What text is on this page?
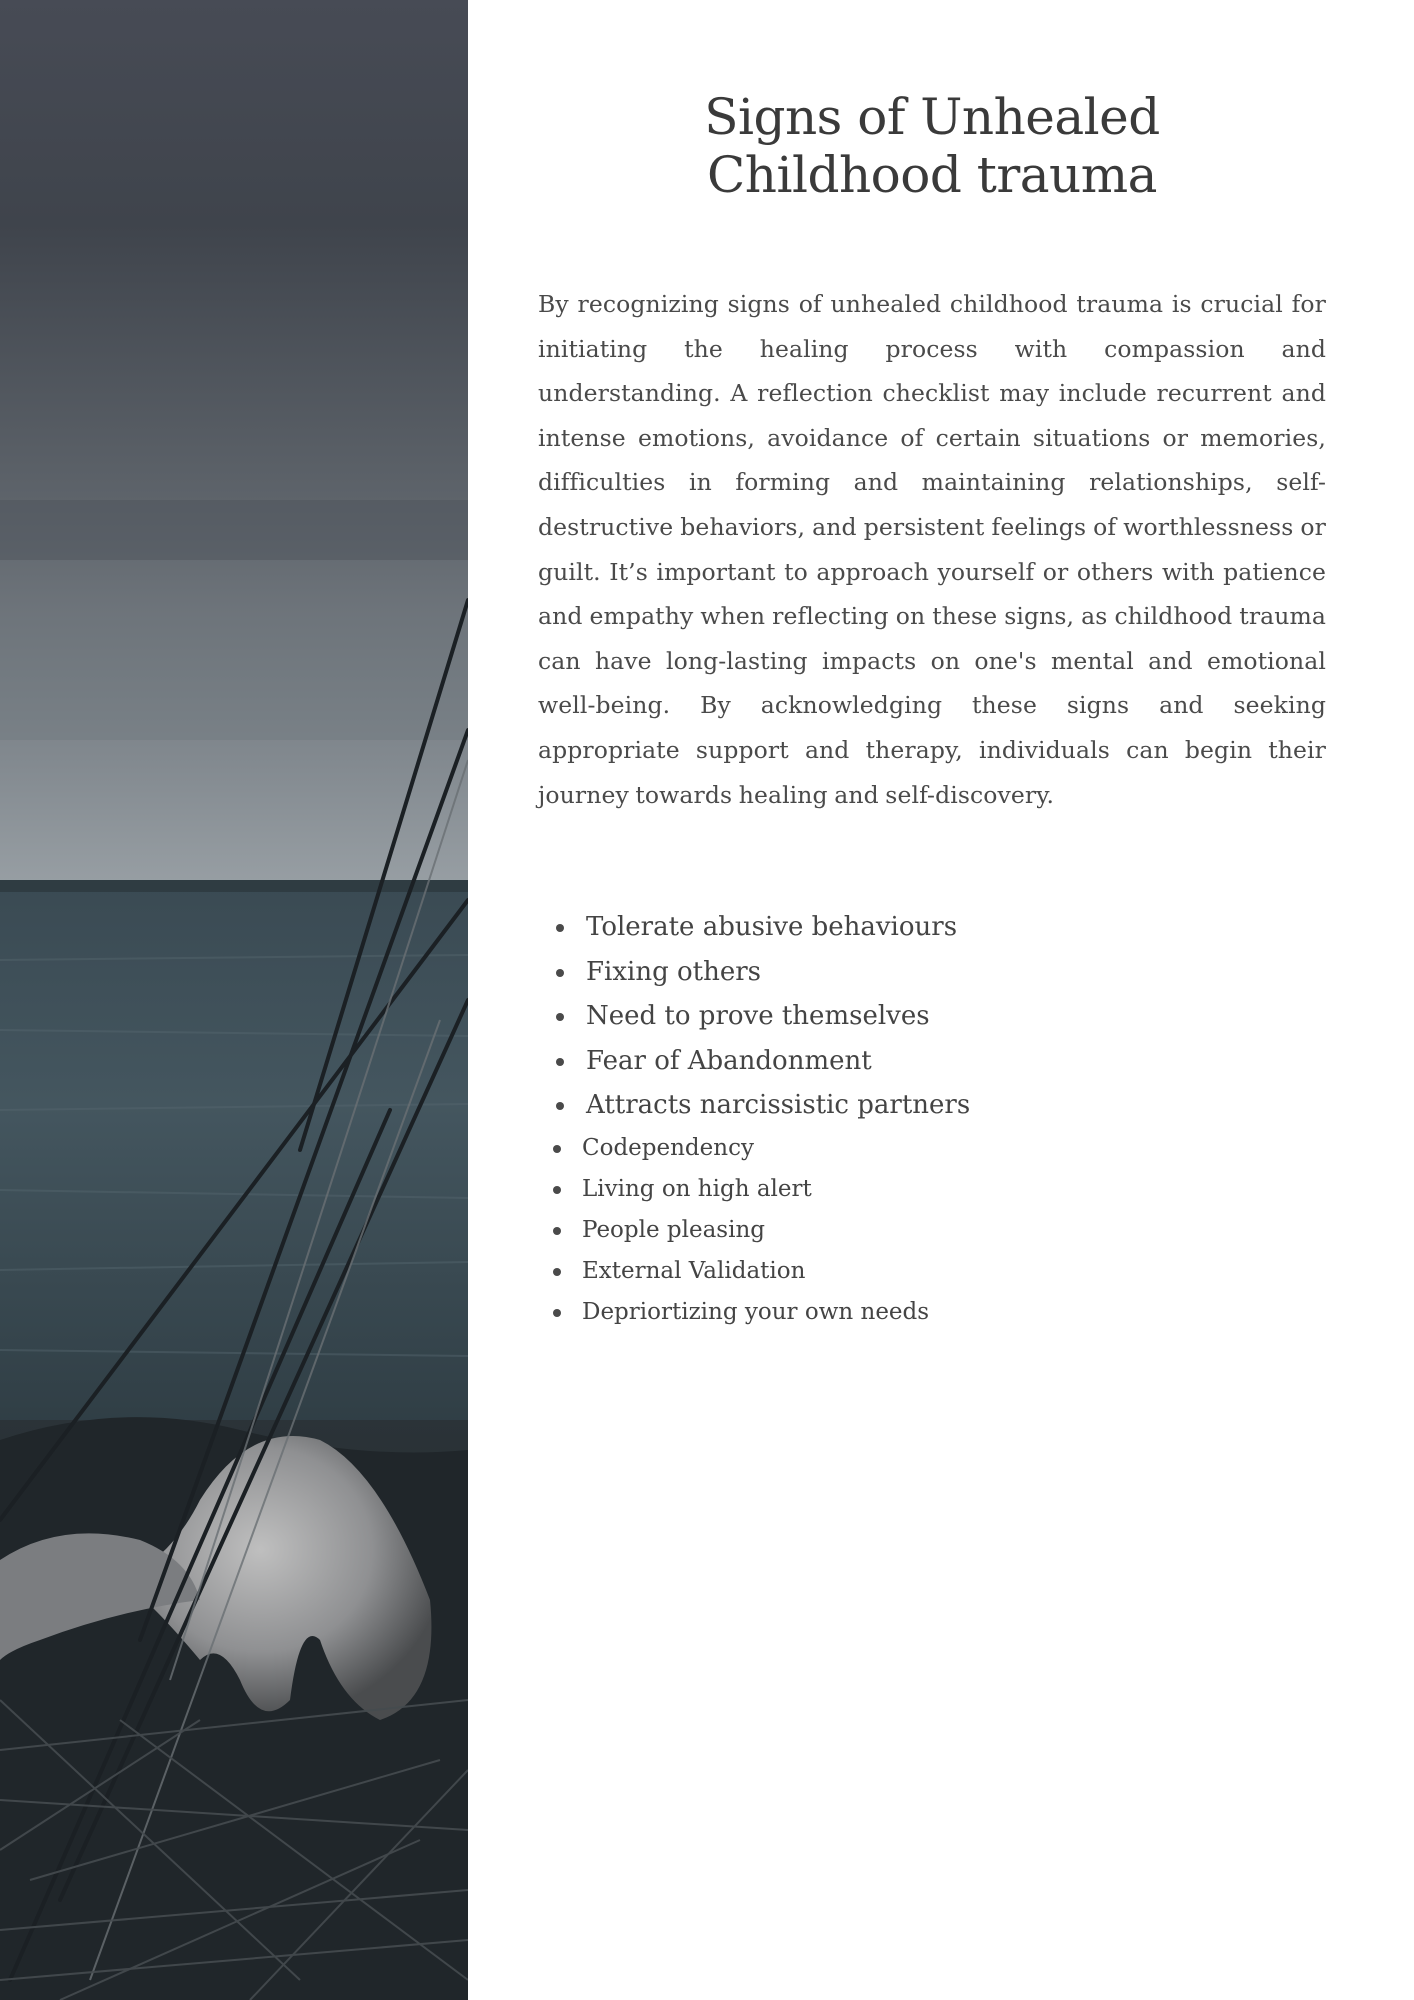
Signs of Unhealed
Childhood trauma

By recognizing signs of unhealed childhood trauma is crucial for initiating the healing process with compassion and understanding. A reflection checklist may include recurrent and intense emotions, avoidance of certain situations or memories, difficulties in forming and maintaining relationships, self-destructive behaviors, and persistent feelings of worthlessness or guilt. It’s important to approach yourself or others with patience and empathy when reflecting on these signs, as childhood trauma can have long-lasting impacts on one's mental and emotional well-being. By acknowledging these signs and seeking appropriate support and therapy, individuals can begin their journey towards healing and self-discovery.

Tolerate abusive behaviours
Fixing others
Need to prove themselves
Fear of Abandonment
Attracts narcissistic partners
Codependency
Living on high alert
People pleasing
External Validation
Depriortizing your own needs
